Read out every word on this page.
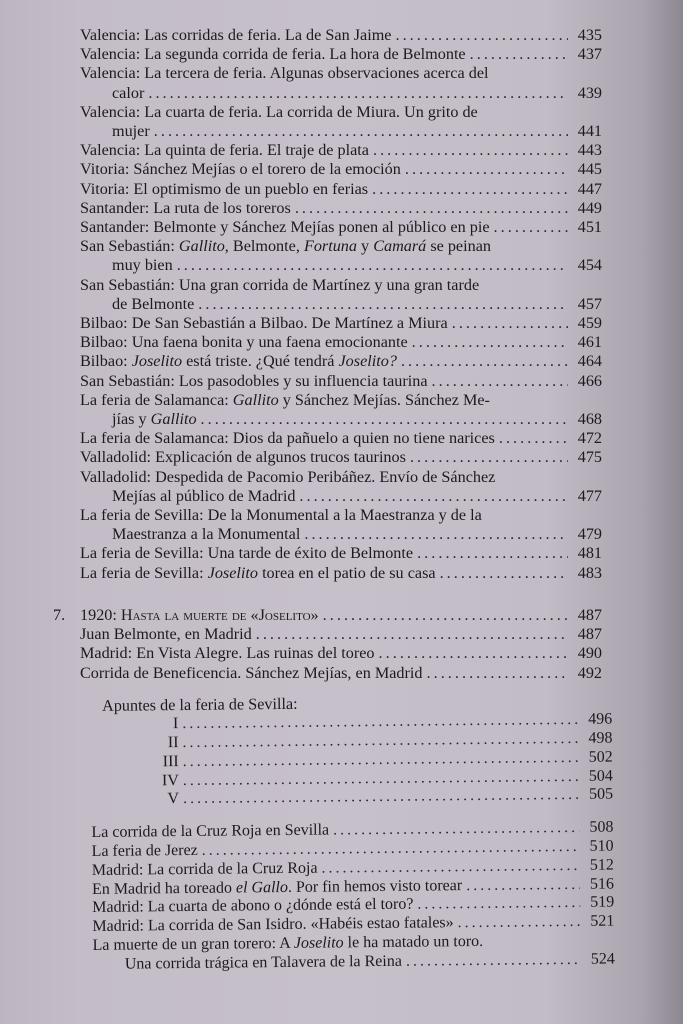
Valencia: Las corridas de feria. La de San Jaime . . .	435
Valencia: La segunda corrida de feria. La hora de Belmonte . . .	437
Valencia: La tercera de feria. Algunas observaciones acerca del
calor . . .	439
Valencia: La cuarta de feria. La corrida de Miura. Un grito de
mujer . . .	441
Valencia: La quinta de feria. El traje de plata . . .	443
Vitoria: Sánchez Mejías o el torero de la emoción . . .	445
Vitoria: El optimismo de un pueblo en ferias . . .	447
Santander: La ruta de los toreros . . .	449
Santander: Belmonte y Sánchez Mejías ponen al público en pie . . .	451
San Sebastián: Gallito, Belmonte, Fortuna y Camará se peinan
muy bien . . .	454
San Sebastián: Una gran corrida de Martínez y una gran tarde
de Belmonte . . .	457
Bilbao: De San Sebastián a Bilbao. De Martínez a Miura . . .	459
Bilbao: Una faena bonita y una faena emocionante . . .	461
Bilbao: Joselito está triste. ¿Qué tendrá Joselito? . . .	464
San Sebastián: Los pasodobles y su influencia taurina . . .	466
La feria de Salamanca: Gallito y Sánchez Mejías. Sánchez Me-
jías y Gallito . . .	468
La feria de Salamanca: Dios da pañuelo a quien no tiene narices . . .	472
Valladolid: Explicación de algunos trucos taurinos . . .	475
Valladolid: Despedida de Pacomio Peribáñez. Envío de Sánchez
Mejías al público de Madrid . . .	477
La feria de Sevilla: De la Monumental a la Maestranza y de la
Maestranza a la Monumental . . .	479
La feria de Sevilla: Una tarde de éxito de Belmonte . . .	481
La feria de Sevilla: Joselito torea en el patio de su casa . . .	483
7. 1920: Hasta la muerte de «Joselito» . . .	487
Juan Belmonte, en Madrid . . .	487
Madrid: En Vista Alegre. Las ruinas del toreo . . .	490
Corrida de Beneficencia. Sánchez Mejías, en Madrid . . .	492
Apuntes de la feria de Sevilla:
I . . .	496
II . . .	498
III . . .	502
IV . . .	504
V . . .	505
La corrida de la Cruz Roja en Sevilla . . .	508
La feria de Jerez . . .	510
Madrid: La corrida de la Cruz Roja . . .	512
En Madrid ha toreado el Gallo. Por fin hemos visto torear . . .	516
Madrid: La cuarta de abono o ¿dónde está el toro? . . .	519
Madrid: La corrida de San Isidro. «Habéis estao fatales» . . .	521
La muerte de un gran torero: A Joselito le ha matado un toro.
Una corrida trágica en Talavera de la Reina . . .	524
